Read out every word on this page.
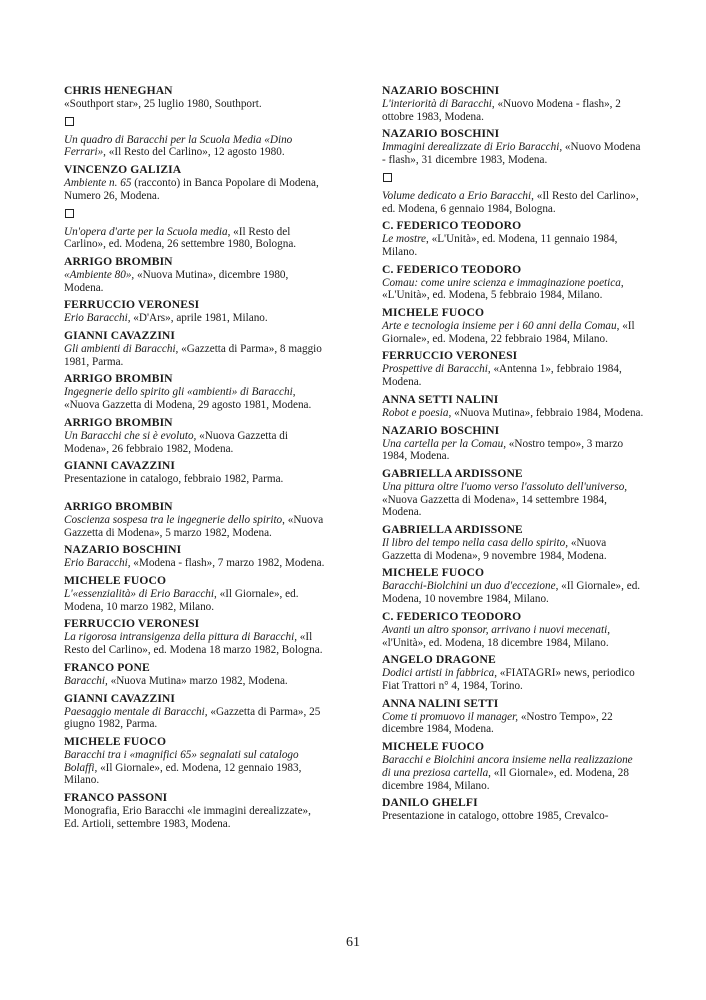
CHRIS HENEGHAN
«Southport star», 25 luglio 1980, Southport.
Un quadro di Baracchi per la Scuola Media «Dino Ferrari», «Il Resto del Carlino», 12 agosto 1980.
VINCENZO GALIZIA
Ambiente n. 65 (racconto) in Banca Popolare di Modena, Numero 26, Modena.
Un'opera d'arte per la Scuola media, «Il Resto del Carlino», ed. Modena, 26 settembre 1980, Bologna.
ARRIGO BROMBIN
«Ambiente 80», «Nuova Mutina», dicembre 1980, Modena.
FERRUCCIO VERONESI
Erio Baracchi, «D'Ars», aprile 1981, Milano.
GIANNI CAVAZZINI
Gli ambienti di Baracchi, «Gazzetta di Parma», 8 maggio 1981, Parma.
ARRIGO BROMBIN
Ingegnerie dello spirito gli «ambienti» di Baracchi, «Nuova Gazzetta di Modena, 29 agosto 1981, Modena.
ARRIGO BROMBIN
Un Baracchi che si è evoluto, «Nuova Gazzetta di Modena», 26 febbraio 1982, Modena.
GIANNI CAVAZZINI
Presentazione in catalogo, febbraio 1982, Parma.
ARRIGO BROMBIN
Coscienza sospesa tra le ingegnerie dello spirito, «Nuova Gazzetta di Modena», 5 marzo 1982, Modena.
NAZARIO BOSCHINI
Erio Baracchi, «Modena - flash», 7 marzo 1982, Modena.
MICHELE FUOCO
L'«essenzialità» di Erio Baracchi, «Il Giornale», ed. Modena, 10 marzo 1982, Milano.
FERRUCCIO VERONESI
La rigorosa intransigenza della pittura di Baracchi, «Il Resto del Carlino», ed. Modena 18 marzo 1982, Bologna.
FRANCO PONE
Baracchi, «Nuova Mutina» marzo 1982, Modena.
GIANNI CAVAZZINI
Paesaggio mentale di Baracchi, «Gazzetta di Parma», 25 giugno 1982, Parma.
MICHELE FUOCO
Baracchi tra i «magnifici 65» segnalati sul catalogo Bolaffi, «Il Giornale», ed. Modena, 12 gennaio 1983, Milano.
FRANCO PASSONI
Monografia, Erio Baracchi «le immagini derealizzate», Ed. Artioli, settembre 1983, Modena.
NAZARIO BOSCHINI
L'interiorità di Baracchi, «Nuovo Modena - flash», 2 ottobre 1983, Modena.
NAZARIO BOSCHINI
Immagini derealizzate di Erio Baracchi, «Nuovo Modena - flash», 31 dicembre 1983, Modena.
Volume dedicato a Erio Baracchi, «Il Resto del Carlino», ed. Modena, 6 gennaio 1984, Bologna.
C. FEDERICO TEODORO
Le mostre, «L'Unità», ed. Modena, 11 gennaio 1984, Milano.
C. FEDERICO TEODORO
Comau: come unire scienza e immaginazione poetica, «L'Unità», ed. Modena, 5 febbraio 1984, Milano.
MICHELE FUOCO
Arte e tecnologia insieme per i 60 anni della Comau, «Il Giornale», ed. Modena, 22 febbraio 1984, Milano.
FERRUCCIO VERONESI
Prospettive di Baracchi, «Antenna 1», febbraio 1984, Modena.
ANNA SETTI NALINI
Robot e poesia, «Nuova Mutina», febbraio 1984, Modena.
NAZARIO BOSCHINI
Una cartella per la Comau, «Nostro tempo», 3 marzo 1984, Modena.
GABRIELLA ARDISSONE
Una pittura oltre l'uomo verso l'assoluto dell'universo, «Nuova Gazzetta di Modena», 14 settembre 1984, Modena.
GABRIELLA ARDISSONE
Il libro del tempo nella casa dello spirito, «Nuova Gazzetta di Modena», 9 novembre 1984, Modena.
MICHELE FUOCO
Baracchi-Biolchini un duo d'eccezione, «Il Giornale», ed. Modena, 10 novembre 1984, Milano.
C. FEDERICO TEODORO
Avanti un altro sponsor, arrivano i nuovi mecenati, «l'Unità», ed. Modena, 18 dicembre 1984, Milano.
ANGELO DRAGONE
Dodici artisti in fabbrica, «FIATAGRI» news, periodico Fiat Trattori n° 4, 1984, Torino.
ANNA NALINI SETTI
Come ti promuovo il manager, «Nostro Tempo», 22 dicembre 1984, Modena.
MICHELE FUOCO
Baracchi e Biolchini ancora insieme nella realizzazione di una preziosa cartella, «Il Giornale», ed. Modena, 28 dicembre 1984, Milano.
DANILO GHELFI
Presentazione in catalogo, ottobre 1985, Crevalco-
61
